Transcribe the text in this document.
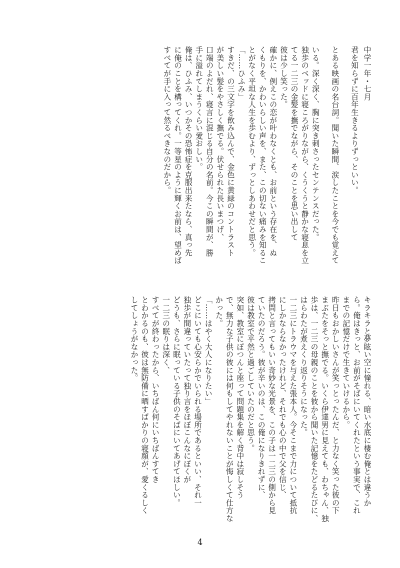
中学一年・七月
君を知らずに百年生きるよりずっといい。
とある映画の名台詞。聞いた瞬間、涙したことを今でも覚えて
いる。深く深く、胸に突き刺さったセンテンスだった。
独歩のベッドに寝ころがりながら、くうくうと静かな寝息を立
てる一二三の金髪を撫でながら、そのことを思い出して
彼は少し笑った。
確かに、例えこの恋が叶わなくとも、お前という存在を、ぬ
くもりを、かわいらしい声を、また、この切ない痛みを知るこ
とがなく平坦な人生を歩むより、ずっとしあわせだと思う。
「……ひふみ」
すきだ、の三文字を飲み込んで、金色に黄緑のコントラスト
が美しい髪をやさしく撫でる。伏せられた長いまつげ、
口端のよだれ、寝言に混じる自分の名前。今この瞬間が、勝
手に溢れてしまうくらい愛おしい。
俺は、ひふみ、いつかその恐怖症を克服出来たなら、真っ先
に俺のことを構ってくれ。一等星のように輝くお前は、望めば
すべてが手に入って然るべきなのだから。
キラキラと夢眩い空に憧れる、暗い水底に棲む俺とは違うか
ら。俺はきっと、お前がそばにいてくれたという事実で、これ
までの記憶だけで生きていけるから。
昨日もおかしいさんが笑っとったんだ、と力なく笑った彼の下
まぶたをそっと撫でる。いくら伊達男に見えても、わちゃん、独
歩は、一二三の母親のことを彼から聞いた記憶をたどるたびに、
はらわたが煮えくり返りそうになった。
一二三にトラウマを与えた張本人。今そこまで力について抵抗
にしかならなかったけれど、それでも心の中で父を信じ、
拷問と言ってもいい奇妙な光景を、この子は一二三の側から見
ていたのだろう。彼が辛いのは、この俺になりきれずに、
彼は教室で平然と過ごしていたのだと思う。
突如、教室にぽつんと座って問題集を解く背中は寂しそう
で、無力な子供の彼には何もしてやれないことが悔しくて仕方な
かった。
「……はやく大人になりたい」
どこにいても心安らかでいられる場所であるといい、それ一
独歩が間違っていたって独り言をほぼこんなにぼくが
どうも、さらに眠っている子供のそばにいてあげてほしい。
一二三の眠りは深く、
すべてが終わったから、いちばん何にいちばんすてき
とわかるのも、彼は無防備に晒すばかりの寝顔が、愛くるしく
してしょうがなかった。
4
